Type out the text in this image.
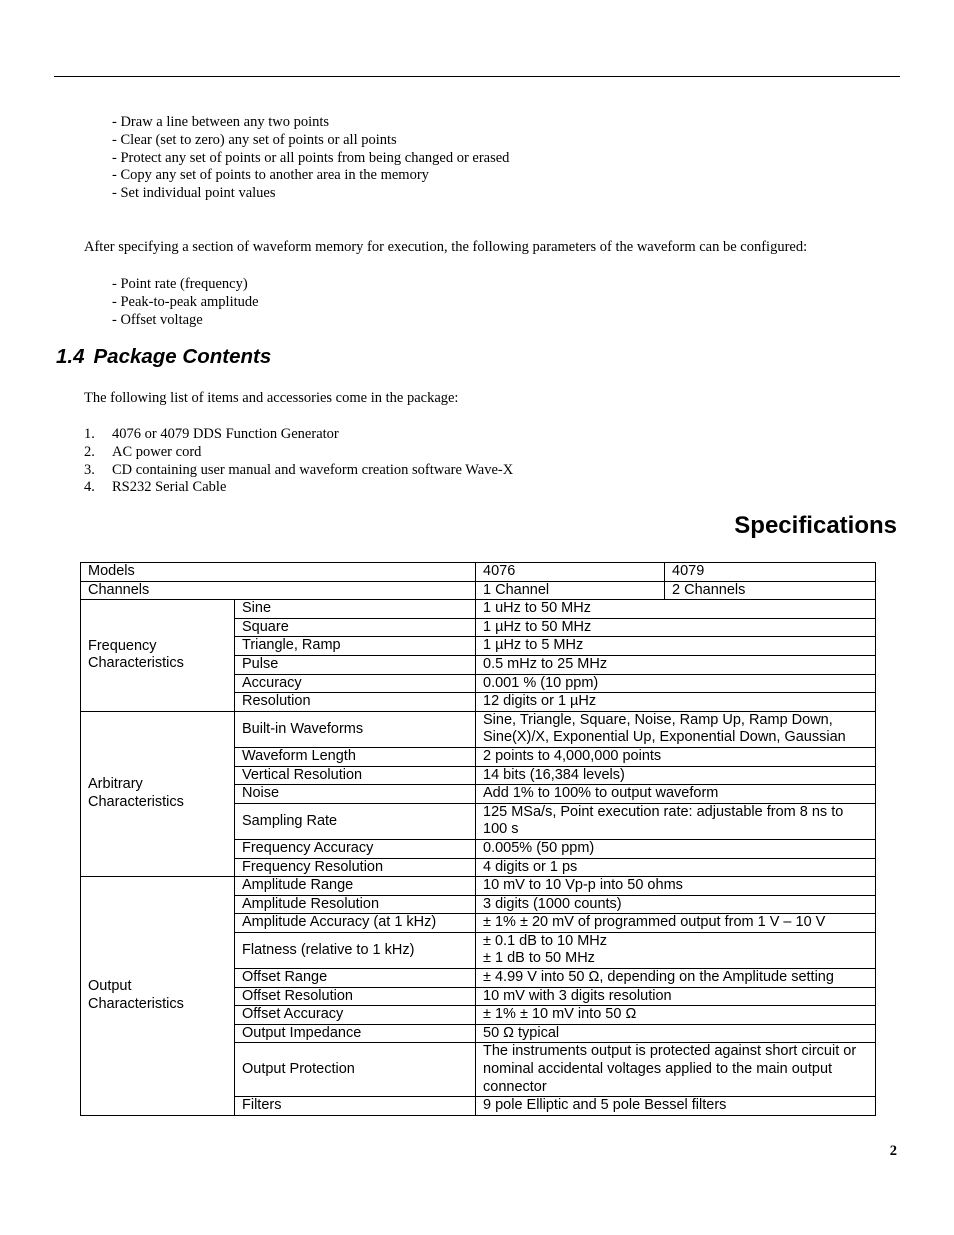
- Draw a line between any two points
- Clear (set to zero) any set of points or all points
- Protect any set of points or all points from being changed or erased
- Copy any set of points to another area in the memory
- Set individual point values
After specifying a section of waveform memory for execution, the following parameters of the waveform can be configured:
- Point rate (frequency)
- Peak-to-peak amplitude
- Offset voltage
1.4 Package Contents
The following list of items and accessories come in the package:
1.	4076 or 4079 DDS Function Generator
2.	AC power cord
3.	CD containing user manual and waveform creation software Wave-X
4.	RS232 Serial Cable
Specifications
Models		4076	4079
Channels		1 Channel	2 Channels
Frequency
Characteristics	Sine	1 uHz to 50 MHz	
	Square	1 µHz to 50 MHz	
	Triangle, Ramp	1 µHz to 5 MHz	
	Pulse	0.5 mHz to 25 MHz	
	Accuracy	0.001 % (10 ppm)	
	Resolution	12 digits or 1 µHz	
Arbitrary
Characteristics	Built-in Waveforms	Sine, Triangle, Square, Noise, Ramp Up, Ramp Down, Sine(X)/X, Exponential Up, Exponential Down, Gaussian	
	Waveform Length	2 points to 4,000,000 points	
	Vertical Resolution	14 bits (16,384 levels)	
	Noise	Add 1% to 100% to output waveform	
	Sampling Rate	125 MSa/s, Point execution rate: adjustable from 8 ns to 100 s	
	Frequency Accuracy	0.005% (50 ppm)	
	Frequency Resolution	4 digits or 1 ps	
Output
Characteristics	Amplitude Range	10 mV to 10 Vp-p into 50 ohms	
	Amplitude Resolution	3 digits (1000 counts)	
	Amplitude Accuracy (at 1 kHz)	± 1% ± 20 mV of programmed output from 1 V – 10 V	
	Flatness (relative to 1 kHz)	± 0.1 dB to 10 MHz
± 1 dB to 50 MHz	
	Offset Range	± 4.99 V into 50 Ω, depending on the Amplitude setting	
	Offset Resolution	10 mV with 3 digits resolution	
	Offset Accuracy	± 1% ± 10 mV into 50 Ω	
	Output Impedance	50 Ω typical	
	Output Protection	The instruments output is protected against short circuit or nominal accidental voltages applied to the main output connector	
	Filters	9 pole Elliptic and 5 pole Bessel filters	
2
